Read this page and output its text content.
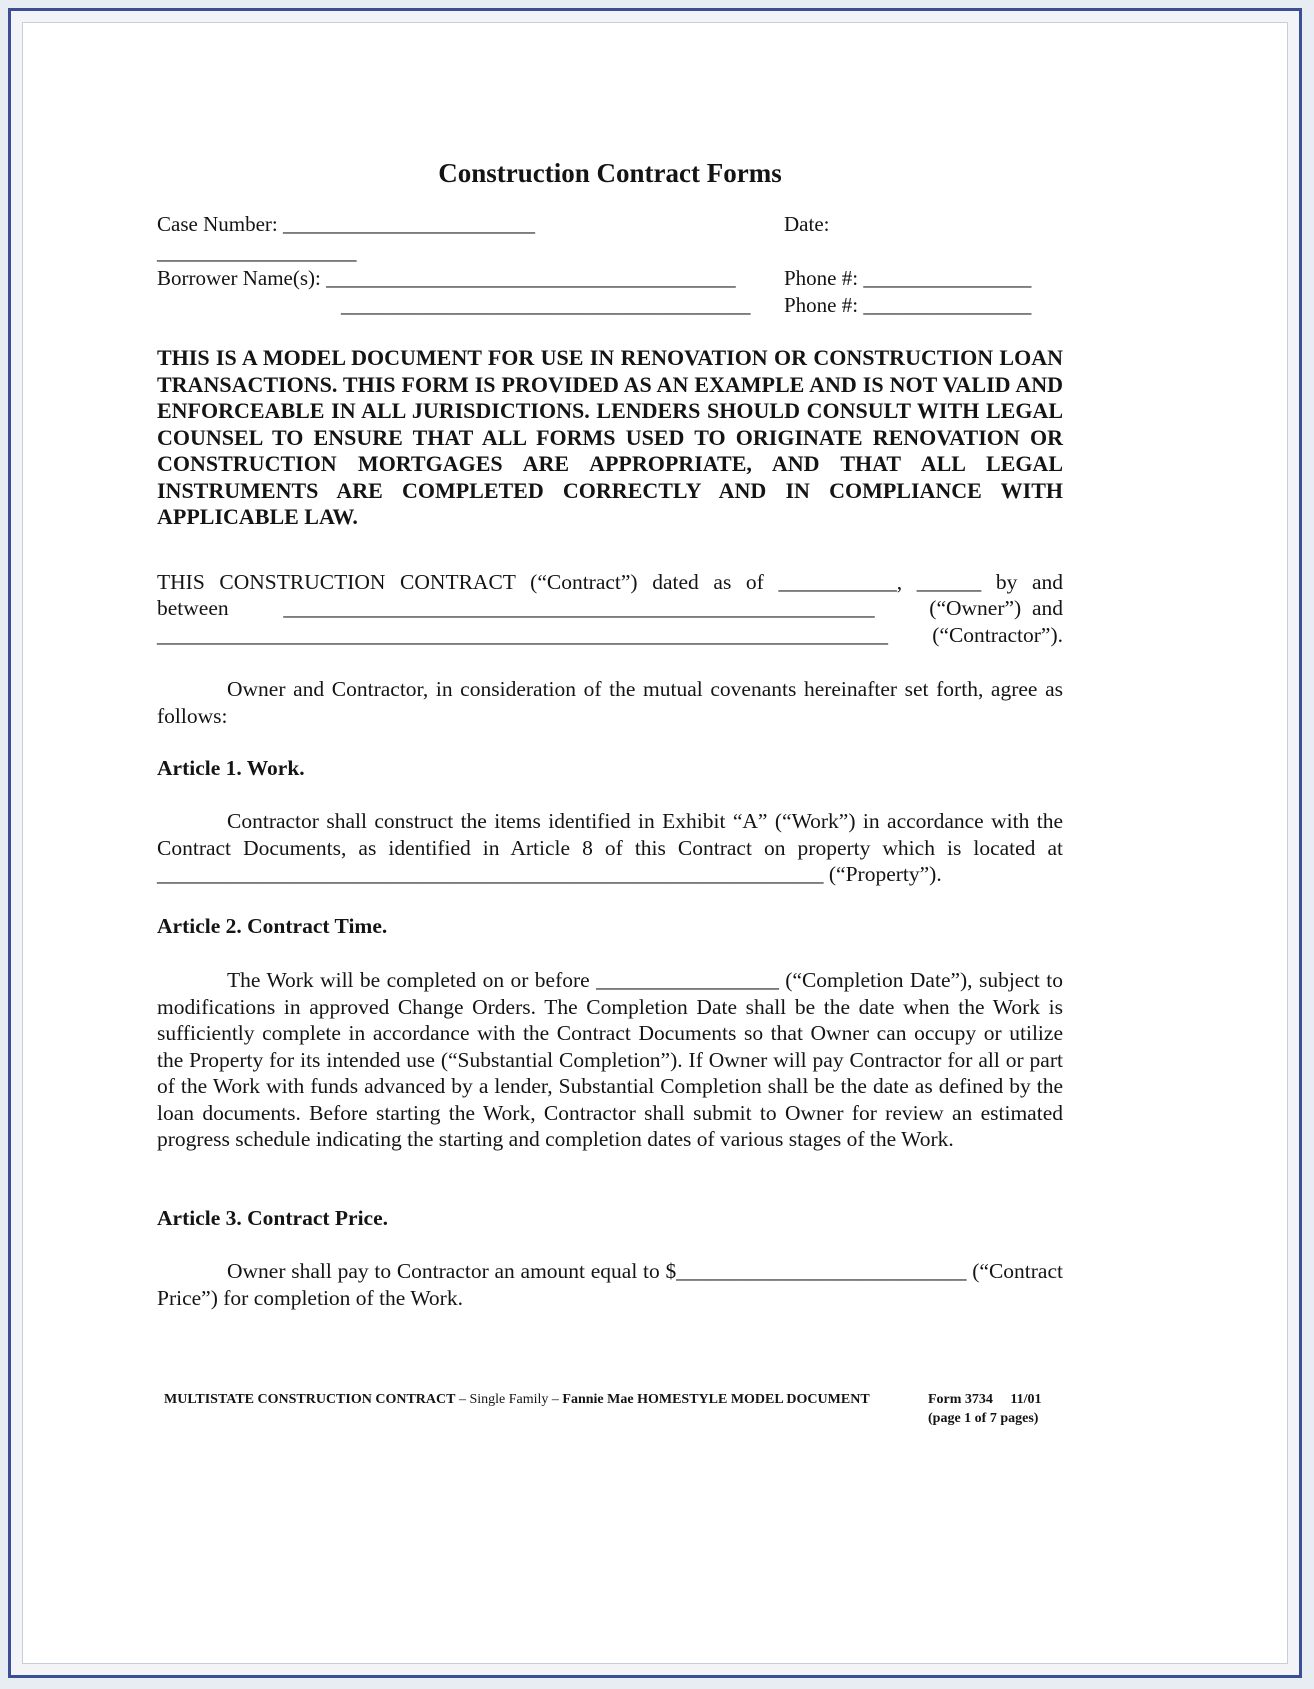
Construction Contract Forms
Case Number: ________________________	Date:
___________________
Borrower Name(s): _______________________________________ Phone #: ________________
_______________________________________ Phone #: ________________

THIS IS A MODEL DOCUMENT FOR USE IN RENOVATION OR CONSTRUCTION LOAN TRANSACTIONS. THIS FORM IS PROVIDED AS AN EXAMPLE AND IS NOT VALID AND ENFORCEABLE IN ALL JURISDICTIONS. LENDERS SHOULD CONSULT WITH LEGAL COUNSEL TO ENSURE THAT ALL FORMS USED TO ORIGINATE RENOVATION OR CONSTRUCTION MORTGAGES ARE APPROPRIATE, AND THAT ALL LEGAL INSTRUMENTS ARE COMPLETED CORRECTLY AND IN COMPLIANCE WITH APPLICABLE LAW.

THIS CONSTRUCTION CONTRACT (“Contract”) dated as of ___________, ______ by and
between	_______________________________________________________	(“Owner”)  and
____________________________________________________________________ (“Contractor”).

Owner and Contractor, in consideration of the mutual covenants hereinafter set forth, agree as follows:

Article 1. Work.

Contractor shall construct the items identified in Exhibit “A” (“Work”) in accordance with the Contract Documents, as identified in Article 8 of this Contract on property which is located at ______________________________________________________________ (“Property”).

Article 2. Contract Time.

The Work will be completed on or before _________________ (“Completion Date”), subject to modifications in approved Change Orders. The Completion Date shall be the date when the Work is sufficiently complete in accordance with the Contract Documents so that Owner can occupy or utilize the Property for its intended use (“Substantial Completion”). If Owner will pay Contractor for all or part of the Work with funds advanced by a lender, Substantial Completion shall be the date as defined by the loan documents. Before starting the Work, Contractor shall submit to Owner for review an estimated progress schedule indicating the starting and completion dates of various stages of the Work.

Article 3. Contract Price.

Owner shall pay to Contractor an amount equal to $___________________________ (“Contract Price”) for completion of the Work.

MULTISTATE CONSTRUCTION CONTRACT – Single Family – Fannie Mae HOMESTYLE MODEL DOCUMENT	Form 3734     11/01

(page 1 of 7 pages)
